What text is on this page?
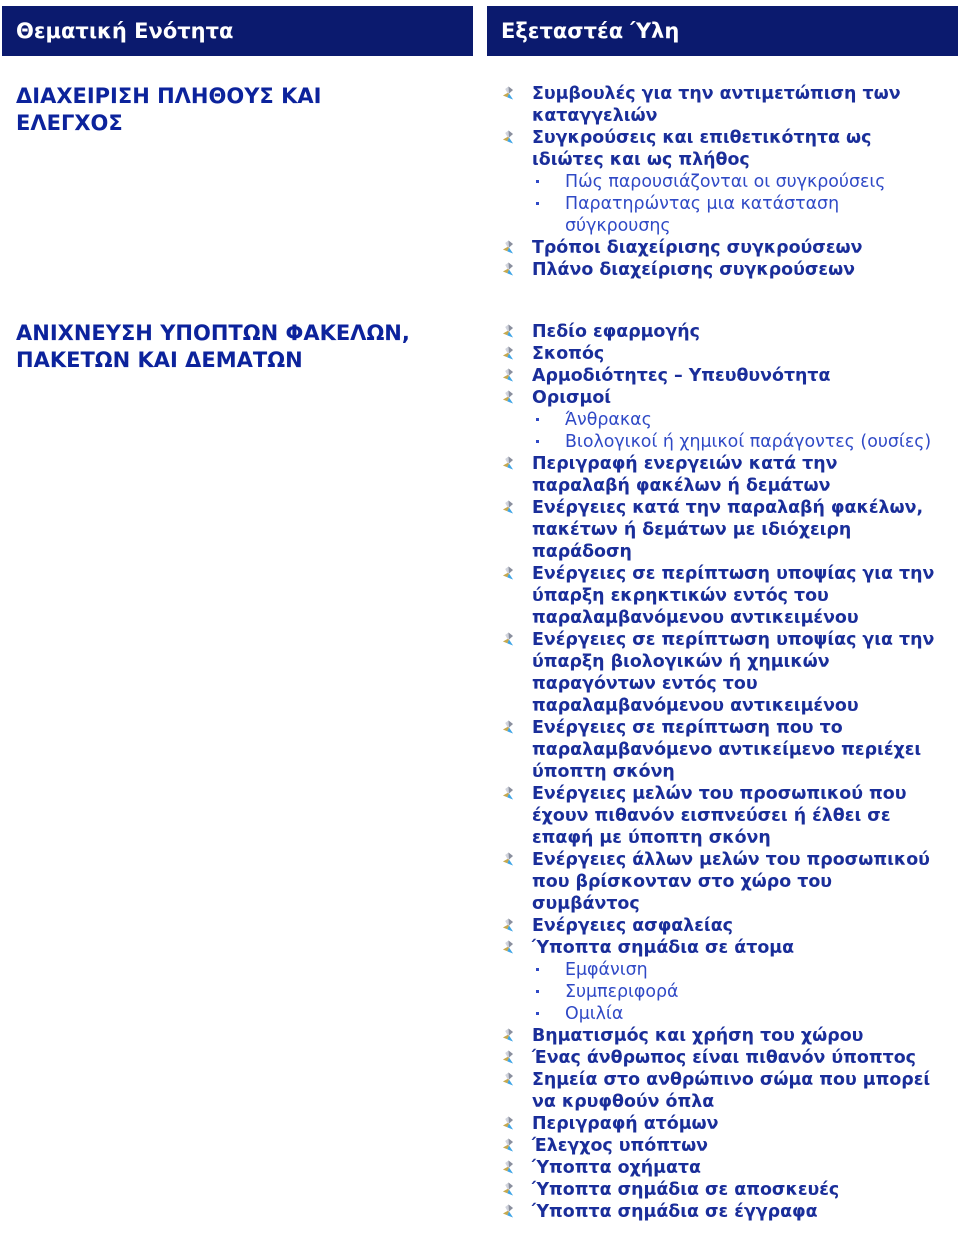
Θεματική Ενότητα	Εξεταστέα Ύλη
ΔΙΑΧΕΙΡΙΣΗ ΠΛΗΘΟΥΣ ΚΑΙ
ΕΛΕΓΧΟΣ
Συμβουλές για την αντιμετώπιση των
καταγγελιών
Συγκρούσεις και επιθετικότητα ως
ιδιώτες και ως πλήθος
Πώς παρουσιάζονται οι συγκρούσεις
Παρατηρώντας μια κατάσταση
σύγκρουσης
Τρόποι διαχείρισης συγκρούσεων
Πλάνο διαχείρισης συγκρούσεων
ΑΝΙΧΝΕΥΣΗ ΥΠΟΠΤΩΝ ΦΑΚΕΛΩΝ,
ΠΑΚΕΤΩΝ ΚΑΙ ΔΕΜΑΤΩΝ
Πεδίο εφαρμογής
Σκοπός
Αρμοδιότητες – Υπευθυνότητα
Ορισμοί
Άνθρακας
Βιολογικοί ή χημικοί παράγοντες (ουσίες)
Περιγραφή ενεργειών κατά την
παραλαβή φακέλων ή δεμάτων
Ενέργειες κατά την παραλαβή φακέλων,
πακέτων ή δεμάτων με ιδιόχειρη
παράδοση
Ενέργειες σε περίπτωση υποψίας για την
ύπαρξη εκρηκτικών εντός του
παραλαμβανόμενου αντικειμένου
Ενέργειες σε περίπτωση υποψίας για την
ύπαρξη βιολογικών ή χημικών
παραγόντων εντός του
παραλαμβανόμενου αντικειμένου
Ενέργειες σε περίπτωση που το
παραλαμβανόμενο αντικείμενο περιέχει
ύποπτη σκόνη
Ενέργειες μελών του προσωπικού που
έχουν πιθανόν εισπνεύσει ή έλθει σε
επαφή με ύποπτη σκόνη
Ενέργειες άλλων μελών του προσωπικού
που βρίσκονταν στο χώρο του
συμβάντος
Ενέργειες ασφαλείας
Ύποπτα σημάδια σε άτομα
Εμφάνιση
Συμπεριφορά
Ομιλία
Βηματισμός και χρήση του χώρου
Ένας άνθρωπος είναι πιθανόν ύποπτος
Σημεία στο ανθρώπινο σώμα που μπορεί
να κρυφθούν όπλα
Περιγραφή ατόμων
Έλεγχος υπόπτων
Ύποπτα οχήματα
Ύποπτα σημάδια σε αποσκευές
Ύποπτα σημάδια σε έγγραφα
